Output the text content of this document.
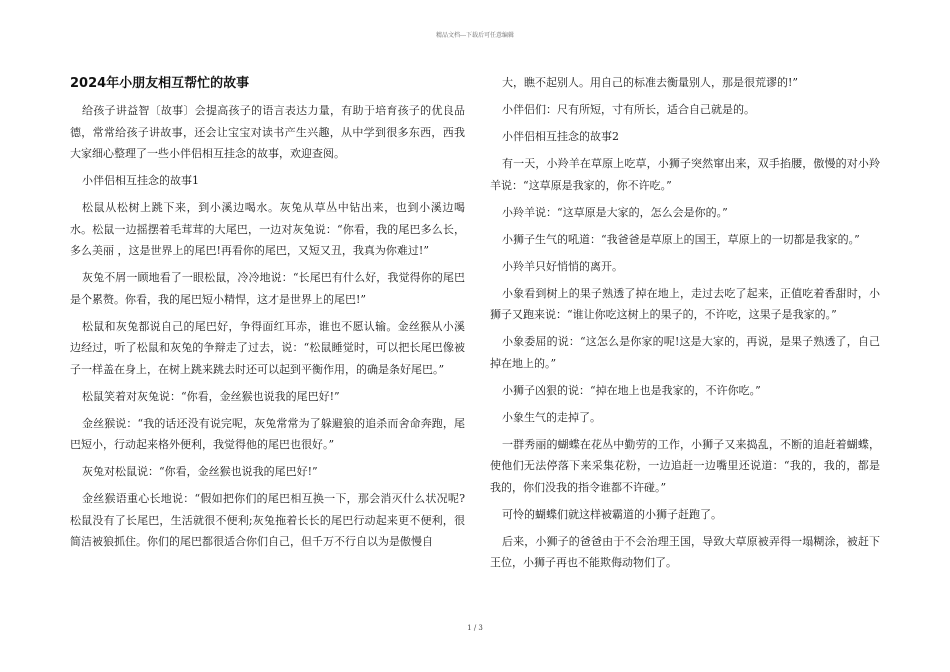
精品文档---下载后可任意编辑
2024年小朋友相互帮忙的故事

给孩子讲益智〔故事〕会提高孩子的语言表达力量，有助于培育孩子的优良品德，常常给孩子讲故事，还会让宝宝对读书产生兴趣，从中学到很多东西，西我大家细心整理了一些小伴侣相互挂念的故事，欢迎查阅。

小伴侣相互挂念的故事1

松鼠从松树上跳下来，到小溪边喝水。灰兔从草丛中钻出来，也到小溪边喝水。松鼠一边摇摆着毛茸茸的大尾巴，一边对灰兔说：“你看，我的尾巴多么长，多么美丽 ，这是世界上的尾巴!再看你的尾巴，又短又丑，我真为你难过!”

灰兔不屑一顾地看了一眼松鼠，冷冷地说：“长尾巴有什么好，我觉得你的尾巴是个累赘。你看，我的尾巴短小精悍，这才是世界上的尾巴!”

松鼠和灰兔都说自己的尾巴好，争得面红耳赤，谁也不愿认输。金丝猴从小溪边经过，听了松鼠和灰兔的争辩走了过去，说：“松鼠睡觉时，可以把长尾巴像被子一样盖在身上，在树上跳来跳去时还可以起到平衡作用，的确是条好尾巴。”

松鼠笑着对灰兔说：“你看，金丝猴也说我的尾巴好!”

金丝猴说：“我的话还没有说完呢，灰兔常常为了躲避狼的追杀而舍命奔跑，尾巴短小，行动起来格外便利，我觉得他的尾巴也很好。”

灰兔对松鼠说：“你看，金丝猴也说我的尾巴好!”

金丝猴语重心长地说：“假如把你们的尾巴相互换一下，那会消灭什么状况呢?松鼠没有了长尾巴，生活就很不便利;灰兔拖着长长的尾巴行动起来更不便利，很简洁被狼抓住。你们的尾巴都很适合你们自己，但千万不行自以为是傲慢自

大，瞧不起别人。用自己的标准去衡量别人，那是很荒谬的!”

小伴侣们：尺有所短，寸有所长，适合自己就是的。

小伴侣相互挂念的故事2

有一天，小羚羊在草原上吃草，小狮子突然窜出来，双手掐腰，傲慢的对小羚羊说：“这草原是我家的，你不许吃。”

小羚羊说：“这草原是大家的，怎么会是你的。”

小狮子生气的吼道：“我爸爸是草原上的国王，草原上的一切都是我家的。”

小羚羊只好悄悄的离开。

小象看到树上的果子熟透了掉在地上，走过去吃了起来，正值吃着香甜时，小狮子又跑来说：“谁让你吃这树上的果子的，不许吃，这果子是我家的。”

小象委屈的说：“这怎么是你家的呢!这是大家的，再说，是果子熟透了，自己掉在地上的。”

小狮子凶狠的说：“掉在地上也是我家的，不许你吃。”

小象生气的走掉了。

一群秀丽的蝴蝶在花丛中勤劳的工作，小狮子又来捣乱，不断的追赶着蝴蝶，使他们无法停落下来采集花粉，一边追赶一边嘴里还说道：“我的，我的，都是我的，你们没我的指令谁都不许碰。”

可怜的蝴蝶们就这样被霸道的小狮子赶跑了。

后来，小狮子的爸爸由于不会治理王国，导致大草原被弄得一塌糊涂，被赶下王位，小狮子再也不能欺侮动物们了。

1 / 3
